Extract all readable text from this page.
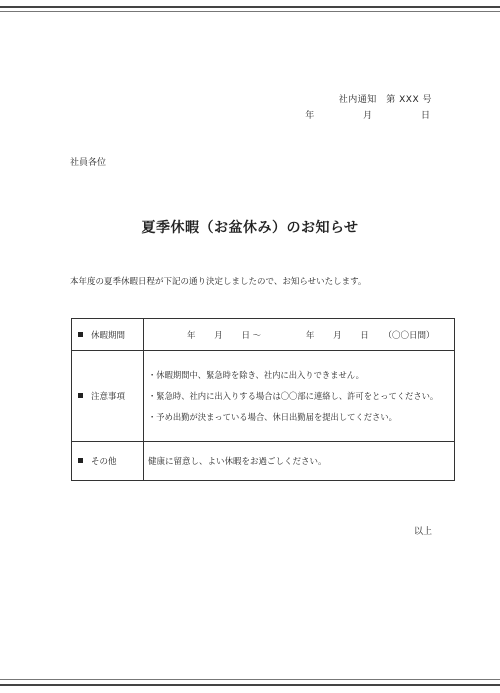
社内通知　第 XXX 号
年	月	日
社員各位
夏季休暇（お盆休み）のお知らせ
本年度の夏季休暇日程が下記の通り決定しましたので、お知らせいたします。
休暇期間	年 月 日 ～ 年 月 日 （〇〇日間）
注意事項	・休暇期間中、緊急時を除き、社内に出入りできません。
・緊急時、社内に出入りする場合は〇〇部に連絡し、許可をとってください。
・予め出勤が決まっている場合、休日出勤届を提出してください。

その他	健康に留意し、よい休暇をお過ごしください。
以上
